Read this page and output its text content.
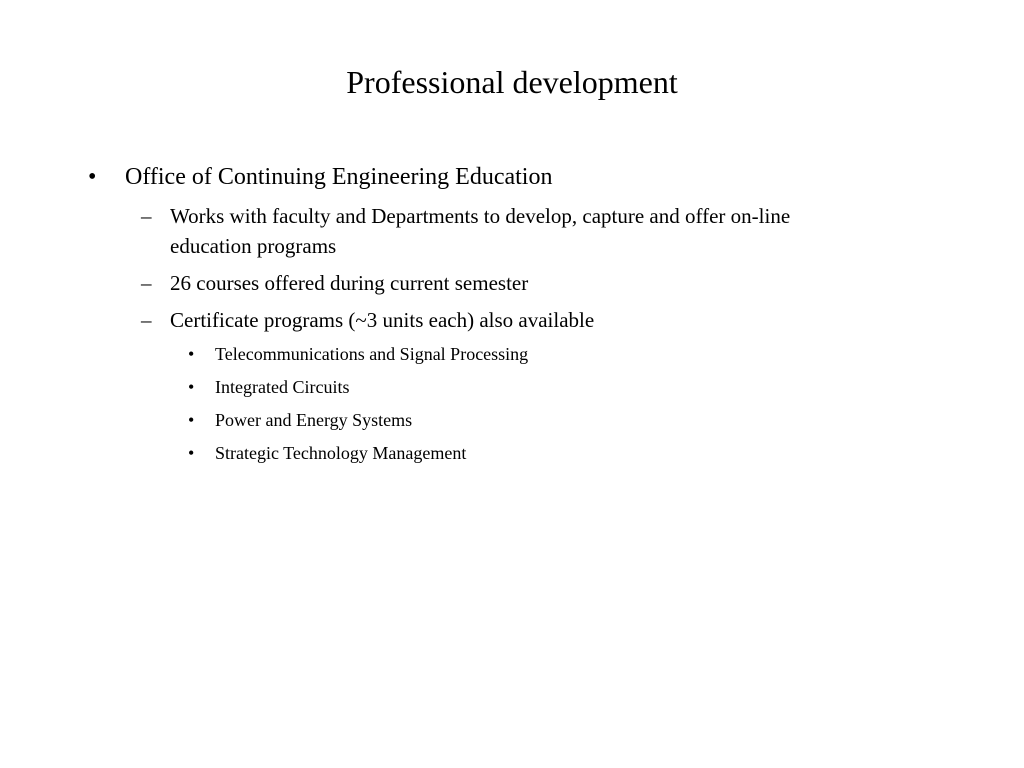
Professional development
• Office of Continuing Engineering Education
– Works with faculty and Departments to develop, capture and offer on-line
education programs
– 26 courses offered during current semester
– Certificate programs (~3 units each) also available
• Telecommunications and Signal Processing
• Integrated Circuits
• Power and Energy Systems
• Strategic Technology Management
